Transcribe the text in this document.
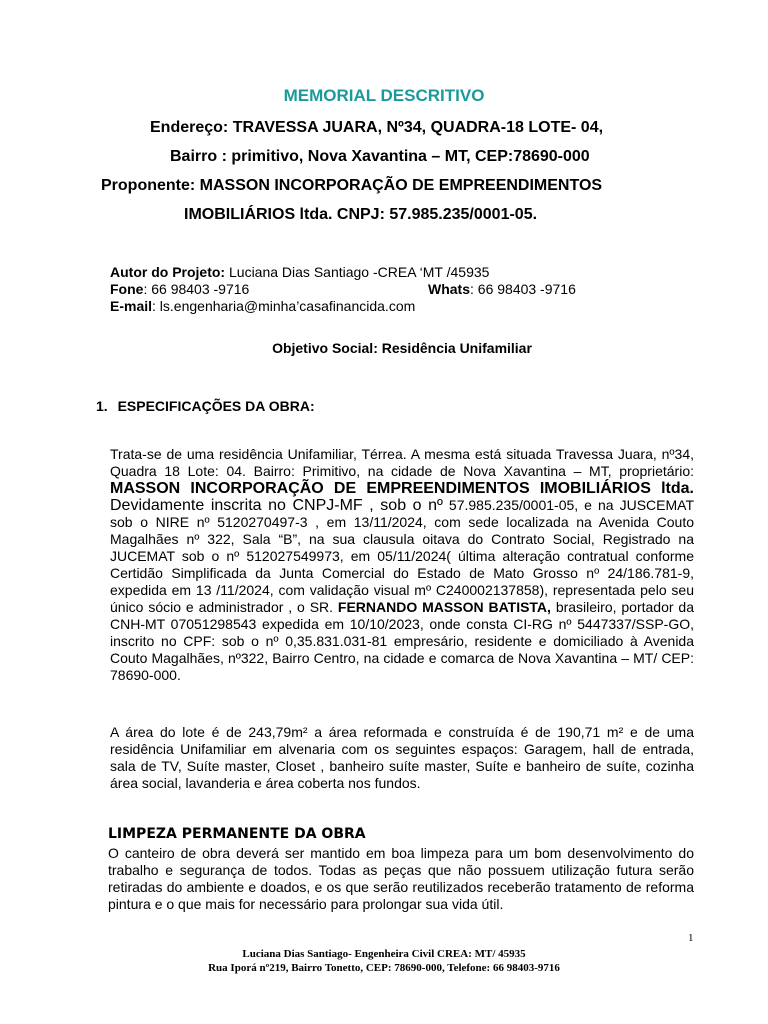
MEMORIAL DESCRITIVO
Endereço: TRAVESSA JUARA, Nº34, QUADRA-18 LOTE- 04,
Bairro : primitivo, Nova Xavantina – MT, CEP:78690-000
Proponente: MASSON INCORPORAÇÃO DE EMPREENDIMENTOS
IMOBILIÁRIOS ltda. CNPJ: 57.985.235/0001-05.
Autor do Projeto: Luciana Dias Santiago -CREA ‘MT /45935
Fone: 66 98403 -9716	Whats: 66 98403 -9716
E-mail: ls.engenharia@minha’casafinancida.com
Objetivo Social: Residência Unifamiliar
1. ESPECIFICAÇÕES DA OBRA:
Trata-se de uma residência Unifamiliar, Térrea. A mesma está situada Travessa Juara, nº34, Quadra 18 Lote: 04. Bairro: Primitivo, na cidade de Nova Xavantina – MT, proprietário: MASSON INCORPORAÇÃO DE EMPREENDIMENTOS IMOBILIÁRIOS ltda. Devidamente inscrita no CNPJ-MF , sob o nº 57.985.235/0001-05, e na JUSCEMAT sob o NIRE nº 5120270497-3 , em 13/11/2024, com sede localizada na Avenida Couto Magalhães nº 322, Sala “B”, na sua clausula oitava do Contrato Social, Registrado na JUCEMAT sob o nº 512027549973, em 05/11/2024( última alteração contratual conforme Certidão Simplificada da Junta Comercial do Estado de Mato Grosso nº 24/186.781-9, expedida em 13 /11/2024, com validação visual mº C240002137858), representada pelo seu único sócio e administrador , o SR. FERNANDO MASSON BATISTA, brasileiro, portador da CNH-MT 07051298543 expedida em 10/10/2023, onde consta CI-RG nº 5447337/SSP-GO, inscrito no CPF: sob o nº 0,35.831.031-81 empresário, residente e domiciliado à Avenida Couto Magalhães, nº322, Bairro Centro, na cidade e comarca de Nova Xavantina – MT/ CEP: 78690-000.
A área do lote é de 243,79m² a área reformada e construída é de 190,71 m² e de uma residência Unifamiliar em alvenaria com os seguintes espaços: Garagem, hall de entrada, sala de TV, Suíte master, Closet , banheiro suíte master, Suíte e banheiro de suíte, cozinha área social, lavanderia e área coberta nos fundos.
LIMPEZA PERMANENTE DA OBRA
O canteiro de obra deverá ser mantido em boa limpeza para um bom desenvolvimento do trabalho e segurança de todos. Todas as peças que não possuem utilização futura serão retiradas do ambiente e doados, e os que serão reutilizados receberão tratamento de reforma pintura e o que mais for necessário para prolongar sua vida útil.
1
Luciana Dias Santiago- Engenheira Civil CREA: MT/ 45935
Rua Iporá nº219, Bairro Tonetto, CEP: 78690-000, Telefone: 66 98403-9716
